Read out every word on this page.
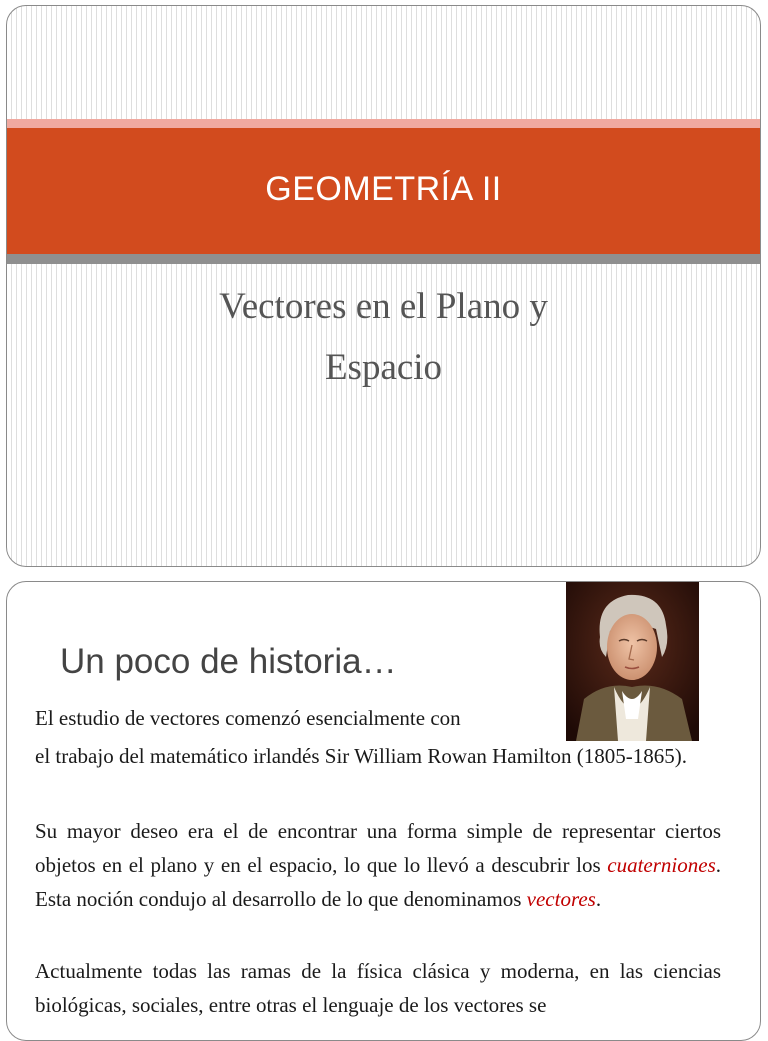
GEOMETRÍA II
Vectores en el Plano y
Espacio
Un poco de historia…
El estudio de vectores comenzó esencialmente con
el trabajo del matemático irlandés Sir William Rowan Hamilton (1805-1865).
Su mayor deseo era el de encontrar una forma simple de representar ciertos objetos en el plano y en el espacio, lo que lo llevó a descubrir los cuaterniones. Esta noción condujo al desarrollo de lo que denominamos vectores.
Actualmente todas las ramas de la física clásica y moderna, en las ciencias biológicas, sociales, entre otras el lenguaje de los vectores se
